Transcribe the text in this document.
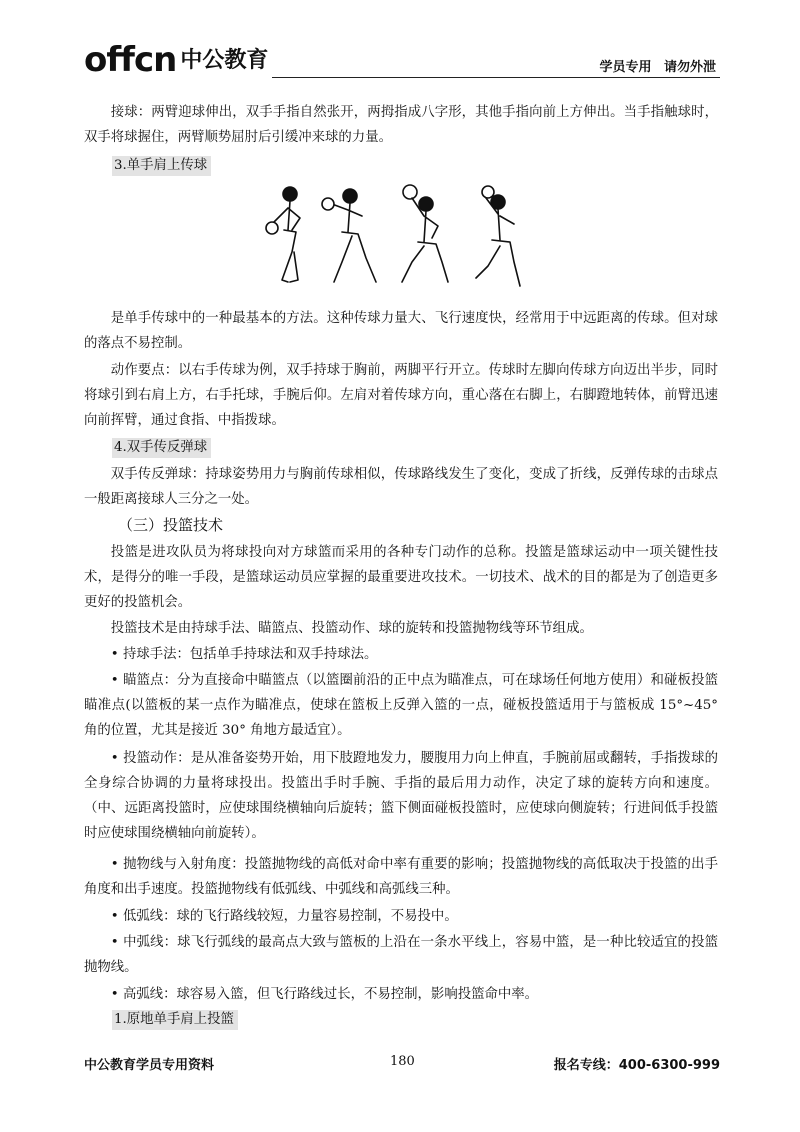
offcn 中公教育	学员专用 请勿外泄
接球：两臂迎球伸出，双手手指自然张开，两拇指成八字形，其他手指向前上方伸出。当手指触球时，双手将球握住，两臂顺势屈肘后引缓冲来球的力量。
3.单手肩上传球
是单手传球中的一种最基本的方法。这种传球力量大、飞行速度快，经常用于中远距离的传球。但对球的落点不易控制。
动作要点：以右手传球为例，双手持球于胸前，两脚平行开立。传球时左脚向传球方向迈出半步，同时将球引到右肩上方，右手托球，手腕后仰。左肩对着传球方向，重心落在右脚上，右脚蹬地转体，前臂迅速向前挥臂，通过食指、中指拨球。
4.双手传反弹球
双手传反弹球：持球姿势用力与胸前传球相似，传球路线发生了变化，变成了折线，反弹传球的击球点一般距离接球人三分之一处。
（三）投篮技术
投篮是进攻队员为将球投向对方球篮而采用的各种专门动作的总称。投篮是篮球运动中一项关键性技术，是得分的唯一手段，是篮球运动员应掌握的最重要进攻技术。一切技术、战术的目的都是为了创造更多更好的投篮机会。
投篮技术是由持球手法、瞄篮点、投篮动作、球的旋转和投篮抛物线等环节组成。
• 持球手法：包括单手持球法和双手持球法。
• 瞄篮点：分为直接命中瞄篮点（以篮圈前沿的正中点为瞄准点，可在球场任何地方使用）和碰板投篮瞄准点(以篮板的某一点作为瞄准点，使球在篮板上反弹入篮的一点，碰板投篮适用于与篮板成 15°~45° 角的位置，尤其是接近 30° 角地方最适宜）。
• 投篮动作：是从准备姿势开始，用下肢蹬地发力，腰腹用力向上伸直，手腕前屈或翻转，手指拨球的全身综合协调的力量将球投出。投篮出手时手腕、手指的最后用力动作，决定了球的旋转方向和速度。（中、远距离投篮时，应使球围绕横轴向后旋转；篮下侧面碰板投篮时，应使球向侧旋转；行进间低手投篮时应使球围绕横轴向前旋转）。
• 抛物线与入射角度：投篮抛物线的高低对命中率有重要的影响；投篮抛物线的高低取决于投篮的出手角度和出手速度。投篮抛物线有低弧线、中弧线和高弧线三种。
• 低弧线：球的飞行路线较短，力量容易控制，不易投中。
• 中弧线：球飞行弧线的最高点大致与篮板的上沿在一条水平线上，容易中篮，是一种比较适宜的投篮抛物线。
• 高弧线：球容易入篮，但飞行路线过长，不易控制，影响投篮命中率。
1.原地单手肩上投篮
中公教育学员专用资料	180	报名专线：400-6300-999
